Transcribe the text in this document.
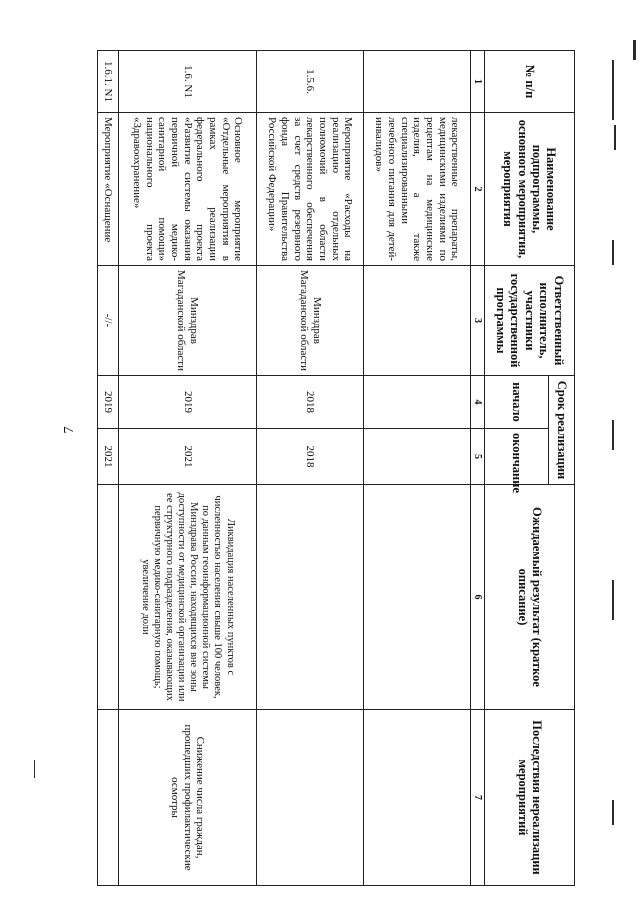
7
№ п/п	Наименование подпрограммы, основного мероприятия, мероприятия	Ответственный исполнитель, участники государственной программы	Срок реализации		Ожидаемый результат (краткое описание)	Последствия нереализации мероприятий
			начало	окончание		
1	2	3	4	5	6	7
	лекарственные препараты, медицинскими изделиями по рецептам на медицинские изделия, а также специализированными лечебного питания для детей-инвалидов»					
1.5.6.	Мероприятие «Расходы на реализацию отдельных полномочий в области лекарственного обеспечения за счет средств резервного фонда Правительства Российской Федерации»	Минздрав Магаданской области	2018	2018		
1.6. N1	Основное мероприятие «Отдельные мероприятия в рамках реализации федерального проекта «Развитие системы оказания первичной медико-санитарной помощи» национального проекта «Здравоохранение»	Минздрав Магаданской области	2019	2021	Ликвидация населенных пунктов с численностью населения свыше 100 человек, по данным геоинформационной системы Минздрава России, находящихся вне зоны доступности от медицинской организации или ее структурного подразделения, оказывающих первичную медико-санитарную помощь; увеличение доли	Снижение числа граждан, прошедших профилактические осмотры
1.6.1. N1	Мероприятие «Оснащение	-//-	2019	2021		
